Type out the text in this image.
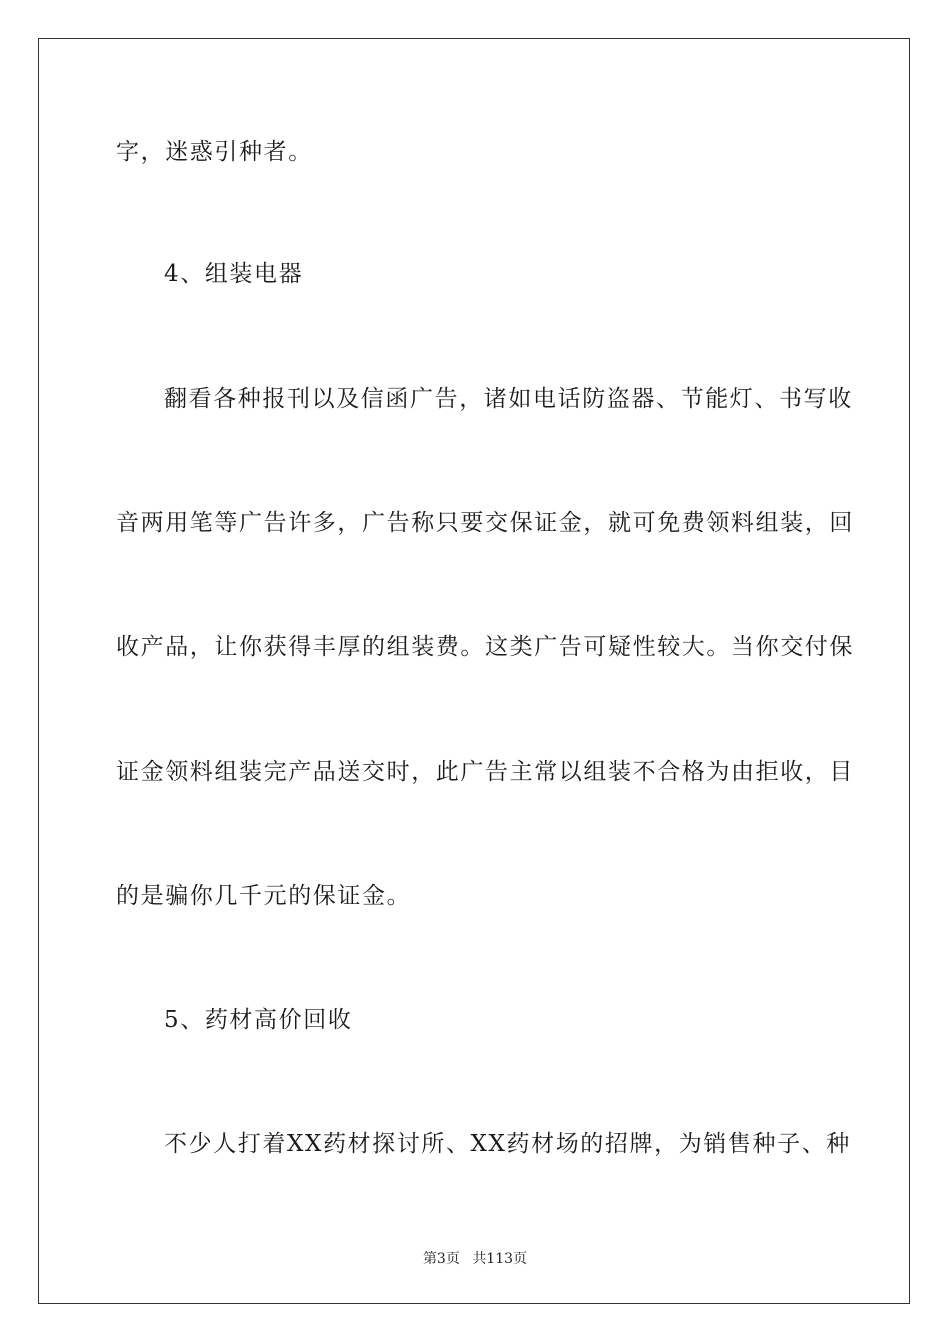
字，迷惑引种者。
4、组装电器
翻看各种报刊以及信函广告，诸如电话防盗器、节能灯、书写收
音两用笔等广告许多，广告称只要交保证金，就可免费领料组装，回
收产品，让你获得丰厚的组装费。这类广告可疑性较大。当你交付保
证金领料组装完产品送交时，此广告主常以组装不合格为由拒收，目
的是骗你几千元的保证金。
5、药材高价回收
不少人打着XX药材探讨所、XX药材场的招牌，为销售种子、种
第3页 共113页
